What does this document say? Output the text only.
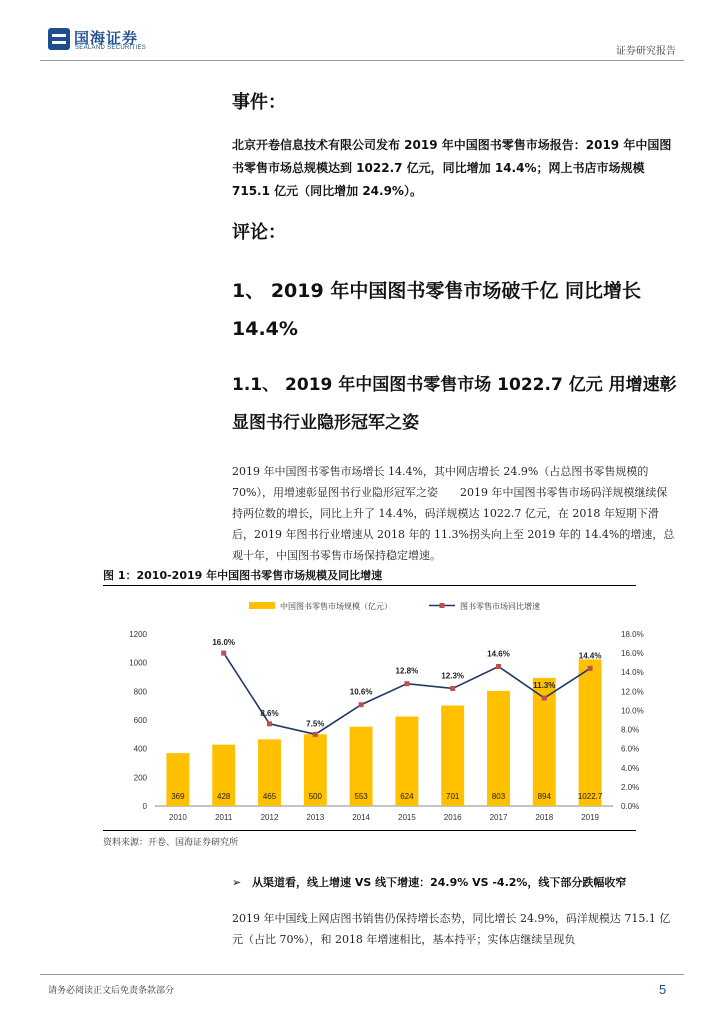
国海证券
SEALAND SECURITIES	证券研究报告
事件：
北京开卷信息技术有限公司发布 2019 年中国图书零售市场报告：2019 年中国图书零售市场总规模达到 1022.7 亿元，同比增加 14.4%；网上书店市场规模715.1 亿元（同比增加 24.9%）。
评论：
1、 2019 年中国图书零售市场破千亿 同比增长 14.4%
1.1、 2019 年中国图书零售市场 1022.7 亿元 用增速彰显图书行业隐形冠军之姿
2019 年中国图书零售市场增长 14.4%，其中网店增长 24.9%（占总图书零售规模的 70%），用增速彰显图书行业隐形冠军之姿　　2019 年中国图书零售市场码洋规模继续保持两位数的增长，同比上升了 14.4%，码洋规模达 1022.7 亿元，在 2018 年短期下滑后，2019 年图书行业增速从 2018 年的 11.3%拐头向上至 2019 年的 14.4%的增速，总观十年，中国图书零售市场保持稳定增速。
图 1：2010-2019 年中国图书零售市场规模及同比增速
中国图书零售市场规模（亿元）	图书零售市场同比增速
0
200
400
600
800
1000
1200
0.0%
2.0%
4.0%
6.0%
8.0%
10.0%
12.0%
14.0%
16.0%
18.0%
2010	2011	2012	2013	2014	2015	2016	2017	2018	2019
369	428	465	500	553	624	701	803	894	1022.7
16.0%
8.6%
7.5%
10.6%
12.8%
12.3%
14.6%
11.3%
14.4%
资料来源：开卷、国海证券研究所
➢ 从渠道看，线上增速 VS 线下增速：24.9% VS -4.2%，线下部分跌幅收窄
2019 年中国线上网店图书销售仍保持增长态势，同比增长 24.9%，码洋规模达 715.1 亿元（占比 70%），和 2018 年增速相比，基本持平；实体店继续呈现负
请务必阅读正文后免责条款部分	5
